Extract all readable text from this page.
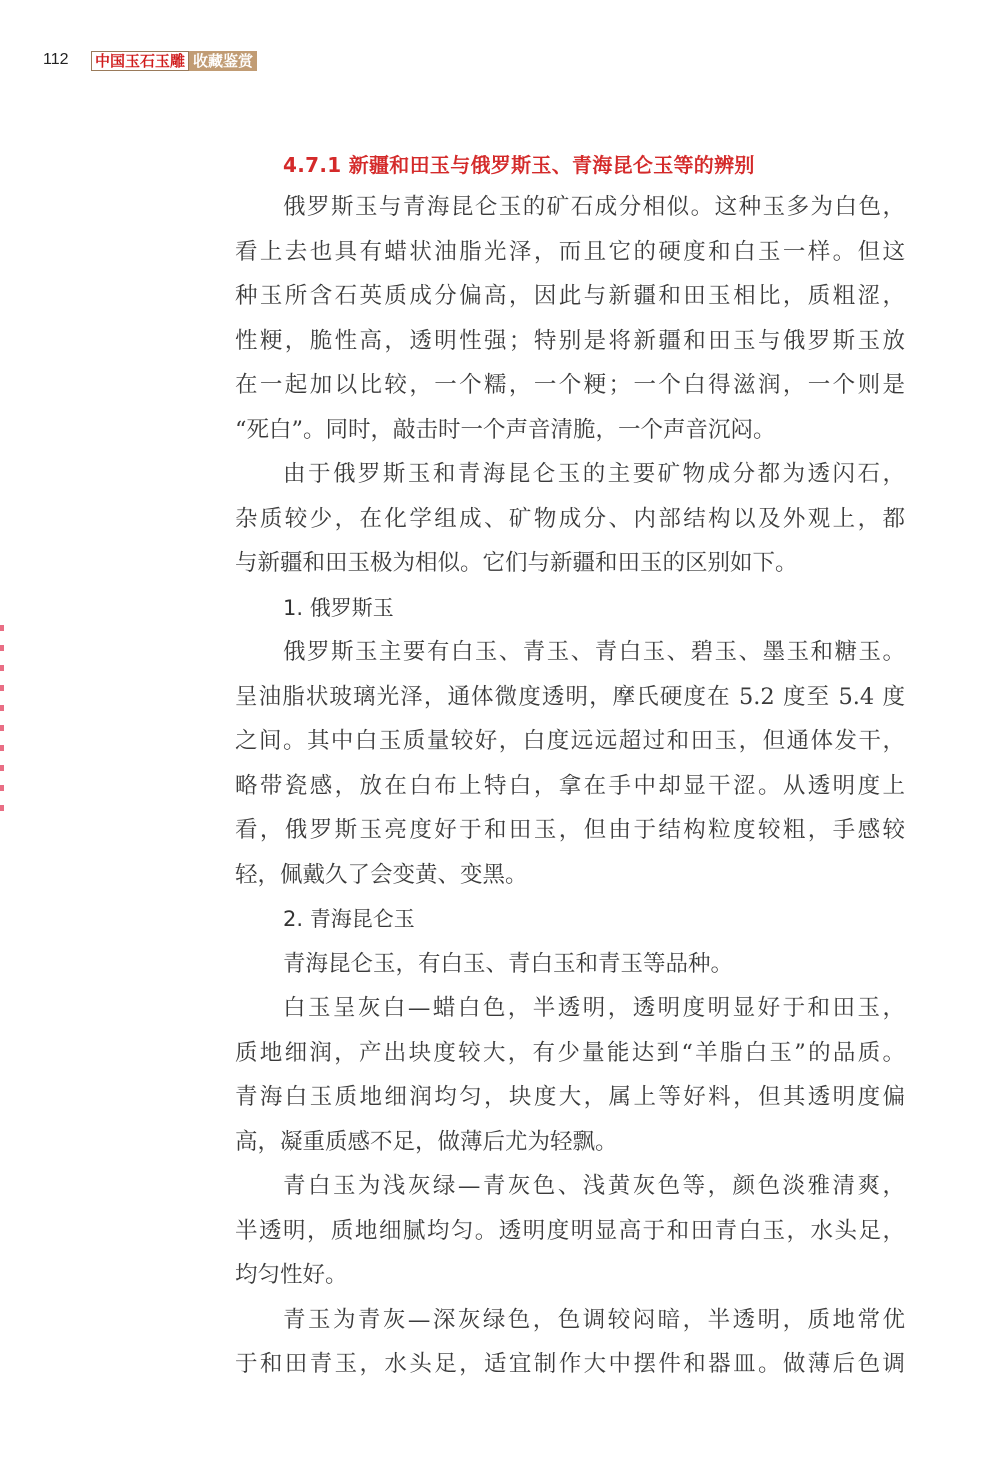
112 中国玉石玉雕 收藏鉴赏
4.7.1 新疆和田玉与俄罗斯玉、青海昆仑玉等的辨别
俄罗斯玉与青海昆仑玉的矿石成分相似。这种玉多为白色，
看上去也具有蜡状油脂光泽，而且它的硬度和白玉一样。但这
种玉所含石英质成分偏高，因此与新疆和田玉相比，质粗涩，
性粳，脆性高，透明性强；特别是将新疆和田玉与俄罗斯玉放
在一起加以比较，一个糯，一个粳；一个白得滋润，一个则是
“死白”。同时，敲击时一个声音清脆，一个声音沉闷。
由于俄罗斯玉和青海昆仑玉的主要矿物成分都为透闪石，
杂质较少，在化学组成、矿物成分、内部结构以及外观上，都
与新疆和田玉极为相似。它们与新疆和田玉的区别如下。
1. 俄罗斯玉
俄罗斯玉主要有白玉、青玉、青白玉、碧玉、墨玉和糖玉。
呈油脂状玻璃光泽，通体微度透明，摩氏硬度在 5.2 度至 5.4 度
之间。其中白玉质量较好，白度远远超过和田玉，但通体发干，
略带瓷感，放在白布上特白，拿在手中却显干涩。从透明度上
看，俄罗斯玉亮度好于和田玉，但由于结构粒度较粗，手感较
轻，佩戴久了会变黄、变黑。
2. 青海昆仑玉
青海昆仑玉，有白玉、青白玉和青玉等品种。
白玉呈灰白—蜡白色，半透明，透明度明显好于和田玉，
质地细润，产出块度较大，有少量能达到“羊脂白玉”的品质。
青海白玉质地细润均匀，块度大，属上等好料，但其透明度偏
高，凝重质感不足，做薄后尤为轻飘。
青白玉为浅灰绿—青灰色、浅黄灰色等，颜色淡雅清爽，
半透明，质地细腻均匀。透明度明显高于和田青白玉，水头足，
均匀性好。
青玉为青灰—深灰绿色，色调较闷暗，半透明，质地常优
于和田青玉，水头足，适宜制作大中摆件和器皿。做薄后色调
